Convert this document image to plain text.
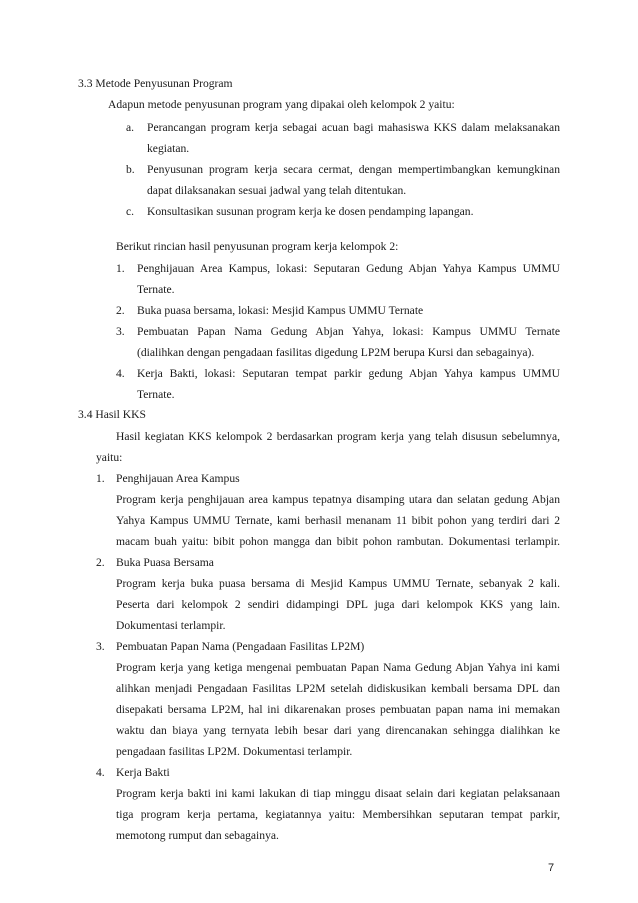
3.3 Metode Penyusunan Program
Adapun metode penyusunan program yang dipakai oleh kelompok 2 yaitu:
a. Perancangan program kerja sebagai acuan bagi mahasiswa KKS dalam melaksanakan
kegiatan.
b. Penyusunan program kerja secara cermat, dengan mempertimbangkan kemungkinan
dapat dilaksanakan sesuai jadwal yang telah ditentukan.
c. Konsultasikan susunan program kerja ke dosen pendamping lapangan.
Berikut rincian hasil penyusunan program kerja kelompok 2:
1. Penghijauan Area Kampus, lokasi: Seputaran Gedung Abjan Yahya Kampus UMMU
Ternate.
2. Buka puasa bersama, lokasi: Mesjid Kampus UMMU Ternate
3. Pembuatan Papan Nama Gedung Abjan Yahya, lokasi: Kampus UMMU Ternate
(dialihkan dengan pengadaan fasilitas digedung LP2M berupa Kursi dan sebagainya).
4. Kerja Bakti, lokasi: Seputaran tempat parkir gedung Abjan Yahya kampus UMMU
Ternate.
3.4 Hasil KKS
Hasil kegiatan KKS kelompok 2 berdasarkan program kerja yang telah disusun sebelumnya,
yaitu:
1. Penghijauan Area Kampus
Program kerja penghijauan area kampus tepatnya disamping utara dan selatan gedung Abjan
Yahya Kampus UMMU Ternate, kami berhasil menanam 11 bibit pohon yang terdiri dari 2
macam buah yaitu: bibit pohon mangga dan bibit pohon rambutan. Dokumentasi terlampir.
2. Buka Puasa Bersama
Program kerja buka puasa bersama di Mesjid Kampus UMMU Ternate, sebanyak 2 kali.
Peserta dari kelompok 2 sendiri didampingi DPL juga dari kelompok KKS yang lain.
Dokumentasi terlampir.
3. Pembuatan Papan Nama (Pengadaan Fasilitas LP2M)
Program kerja yang ketiga mengenai pembuatan Papan Nama Gedung Abjan Yahya ini kami
alihkan menjadi Pengadaan Fasilitas LP2M setelah didiskusikan kembali bersama DPL dan
disepakati bersama LP2M, hal ini dikarenakan proses pembuatan papan nama ini memakan
waktu dan biaya yang ternyata lebih besar dari yang direncanakan sehingga dialihkan ke
pengadaan fasilitas LP2M. Dokumentasi terlampir.
4. Kerja Bakti
Program kerja bakti ini kami lakukan di tiap minggu disaat selain dari kegiatan pelaksanaan
tiga program kerja pertama, kegiatannya yaitu: Membersihkan seputaran tempat parkir,
memotong rumput dan sebagainya.
7
